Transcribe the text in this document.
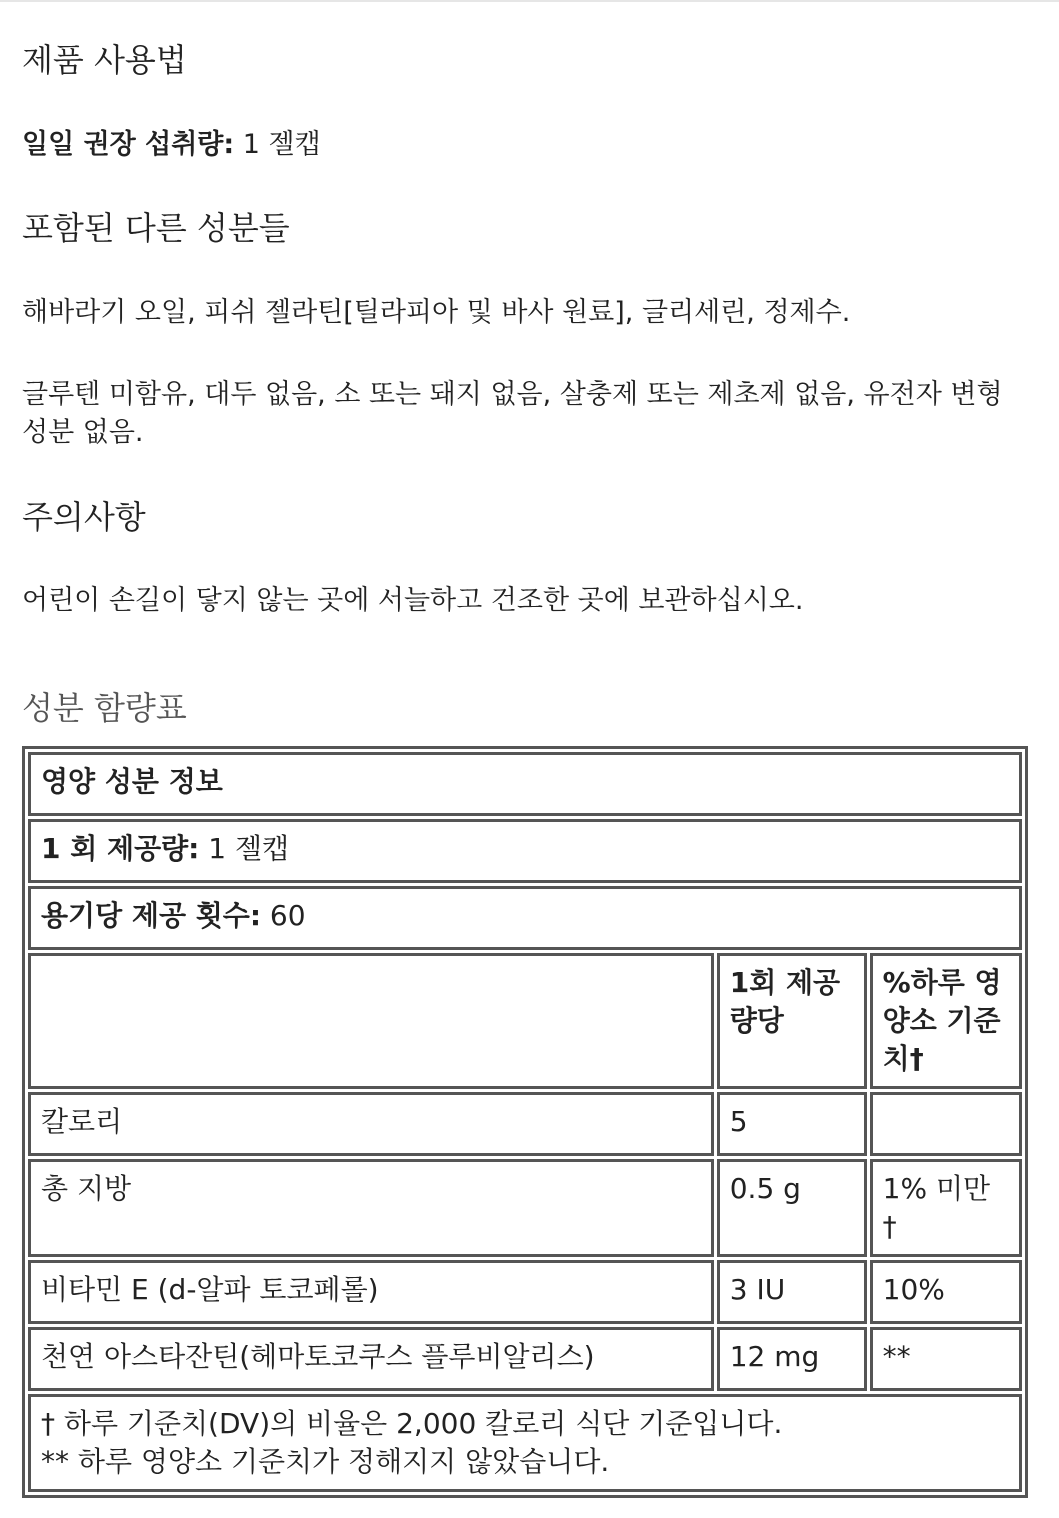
제품 사용법

일일 권장 섭취량: 1 젤캡

포함된 다른 성분들

해바라기 오일, 피쉬 젤라틴[틸라피아 및 바사 원료], 글리세린, 정제수.

글루텐 미함유, 대두 없음, 소 또는 돼지 없음, 살충제 또는 제초제 없음, 유전자 변형 성분 없음.

주의사항

어린이 손길이 닿지 않는 곳에 서늘하고 건조한 곳에 보관하십시오.

성분 함량표
영양 성분 정보		
1 회 제공량: 1 젤캡		
용기당 제공 횟수: 60		
	1회 제공량당	%하루 영양소 기준치†
칼로리	5	
총 지방	0.5 g	1% 미만 †
비타민 E (d-알파 토코페롤)	3 IU	10%
천연 아스타잔틴(헤마토코쿠스 플루비알리스)	12 mg	**

† 하루 기준치(DV)의 비율은 2,000 칼로리 식단 기준입니다.
** 하루 영양소 기준치가 정해지지 않았습니다.		
